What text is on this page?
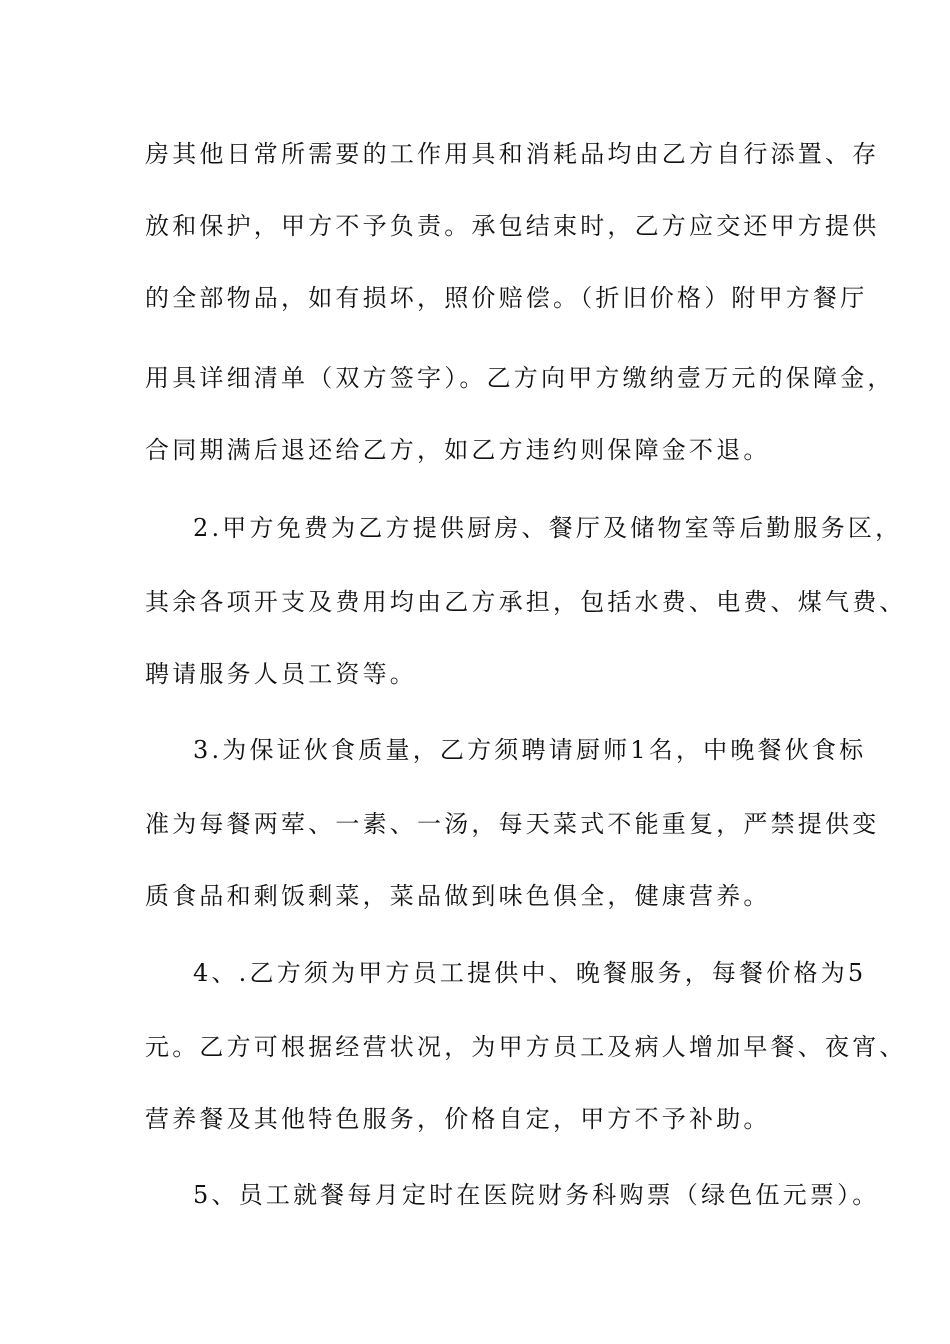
房其他日常所需要的工作用具和消耗品均由乙方自行添置、存
放和保护，甲方不予负责。承包结束时，乙方应交还甲方提供
的全部物品，如有损坏，照价赔偿。（折旧价格）附甲方餐厅
用具详细清单（双方签字）。乙方向甲方缴纳壹万元的保障金，
合同期满后退还给乙方，如乙方违约则保障金不退。
2.甲方免费为乙方提供厨房、餐厅及储物室等后勤服务区，
其余各项开支及费用均由乙方承担，包括水费、电费、煤气费、
聘请服务人员工资等。
3.为保证伙食质量，乙方须聘请厨师1名，中晚餐伙食标
准为每餐两荤、一素、一汤，每天菜式不能重复，严禁提供变
质食品和剩饭剩菜，菜品做到味色俱全，健康营养。
4、.乙方须为甲方员工提供中、晚餐服务，每餐价格为5
元。乙方可根据经营状况，为甲方员工及病人增加早餐、夜宵、
营养餐及其他特色服务，价格自定，甲方不予补助。
5、员工就餐每月定时在医院财务科购票（绿色伍元票）。
